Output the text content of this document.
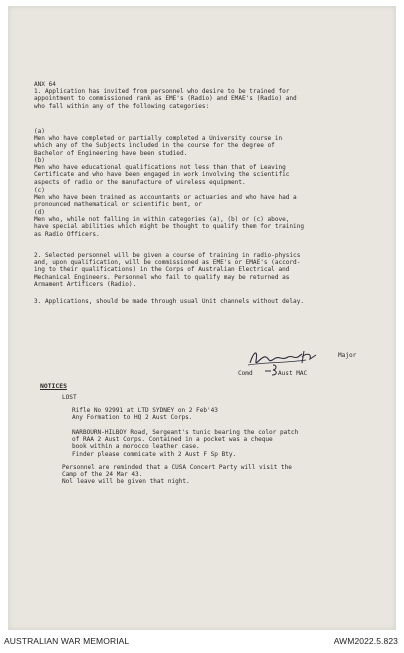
ANX 64
1. Application has invited from personnel who desire to be trained for
appointment to commissioned rank as EME's (Radio) and EMAE's (Radio) and
who fall within any of the following categories:
(a)
Men who have completed or partially completed a University course in
which any of the Subjects included in the course for the degree of
Bachelor of Engineering have been studied.
(b)
Men who have educational qualifications not less than that of Leaving
Certificate and who have been engaged in work involving the scientific
aspects of radio or the manufacture of wireless equipment.
(c)
Men who have been trained as accountants or actuaries and who have had a
pronounced mathematical or scientific bent, or
(d)
Men who, while not falling in within categories (a), (b) or (c) above,
have special abilities which might be thought to qualify them for training
as Radio Officers.
2. Selected personnel will be given a course of training in radio-physics
and, upon qualification, will be commissioned as EME's or EMAE's (accord-
ing to their qualifications) in the Corps of Australian Electrical and
Mechanical Engineers. Personnel who fail to qualify may be returned as
Armament Artificers (Radio).
3. Applications, should be made through usual Unit channels without delay.
Major
Comd	Aust MAC
NOTICES
LOST
Rifle No 92991 at LTD SYDNEY on 2 Feb'43
Any Formation to HQ 2 Aust Corps.
NARBOURN-HILBOY Road, Sergeant's tunic bearing the color patch
of RAA 2 Aust Corps. Contained in a pocket was a cheque
book within a morocco leather case.
Finder please commicate with 2 Aust F Sp Bty.
Personnel are reminded that a CUSA Concert Party will visit the
Camp of the 24 Mar 43.
Nol leave will be given that night.
AUSTRALIAN WAR MEMORIAL	AWM2022.5.823
